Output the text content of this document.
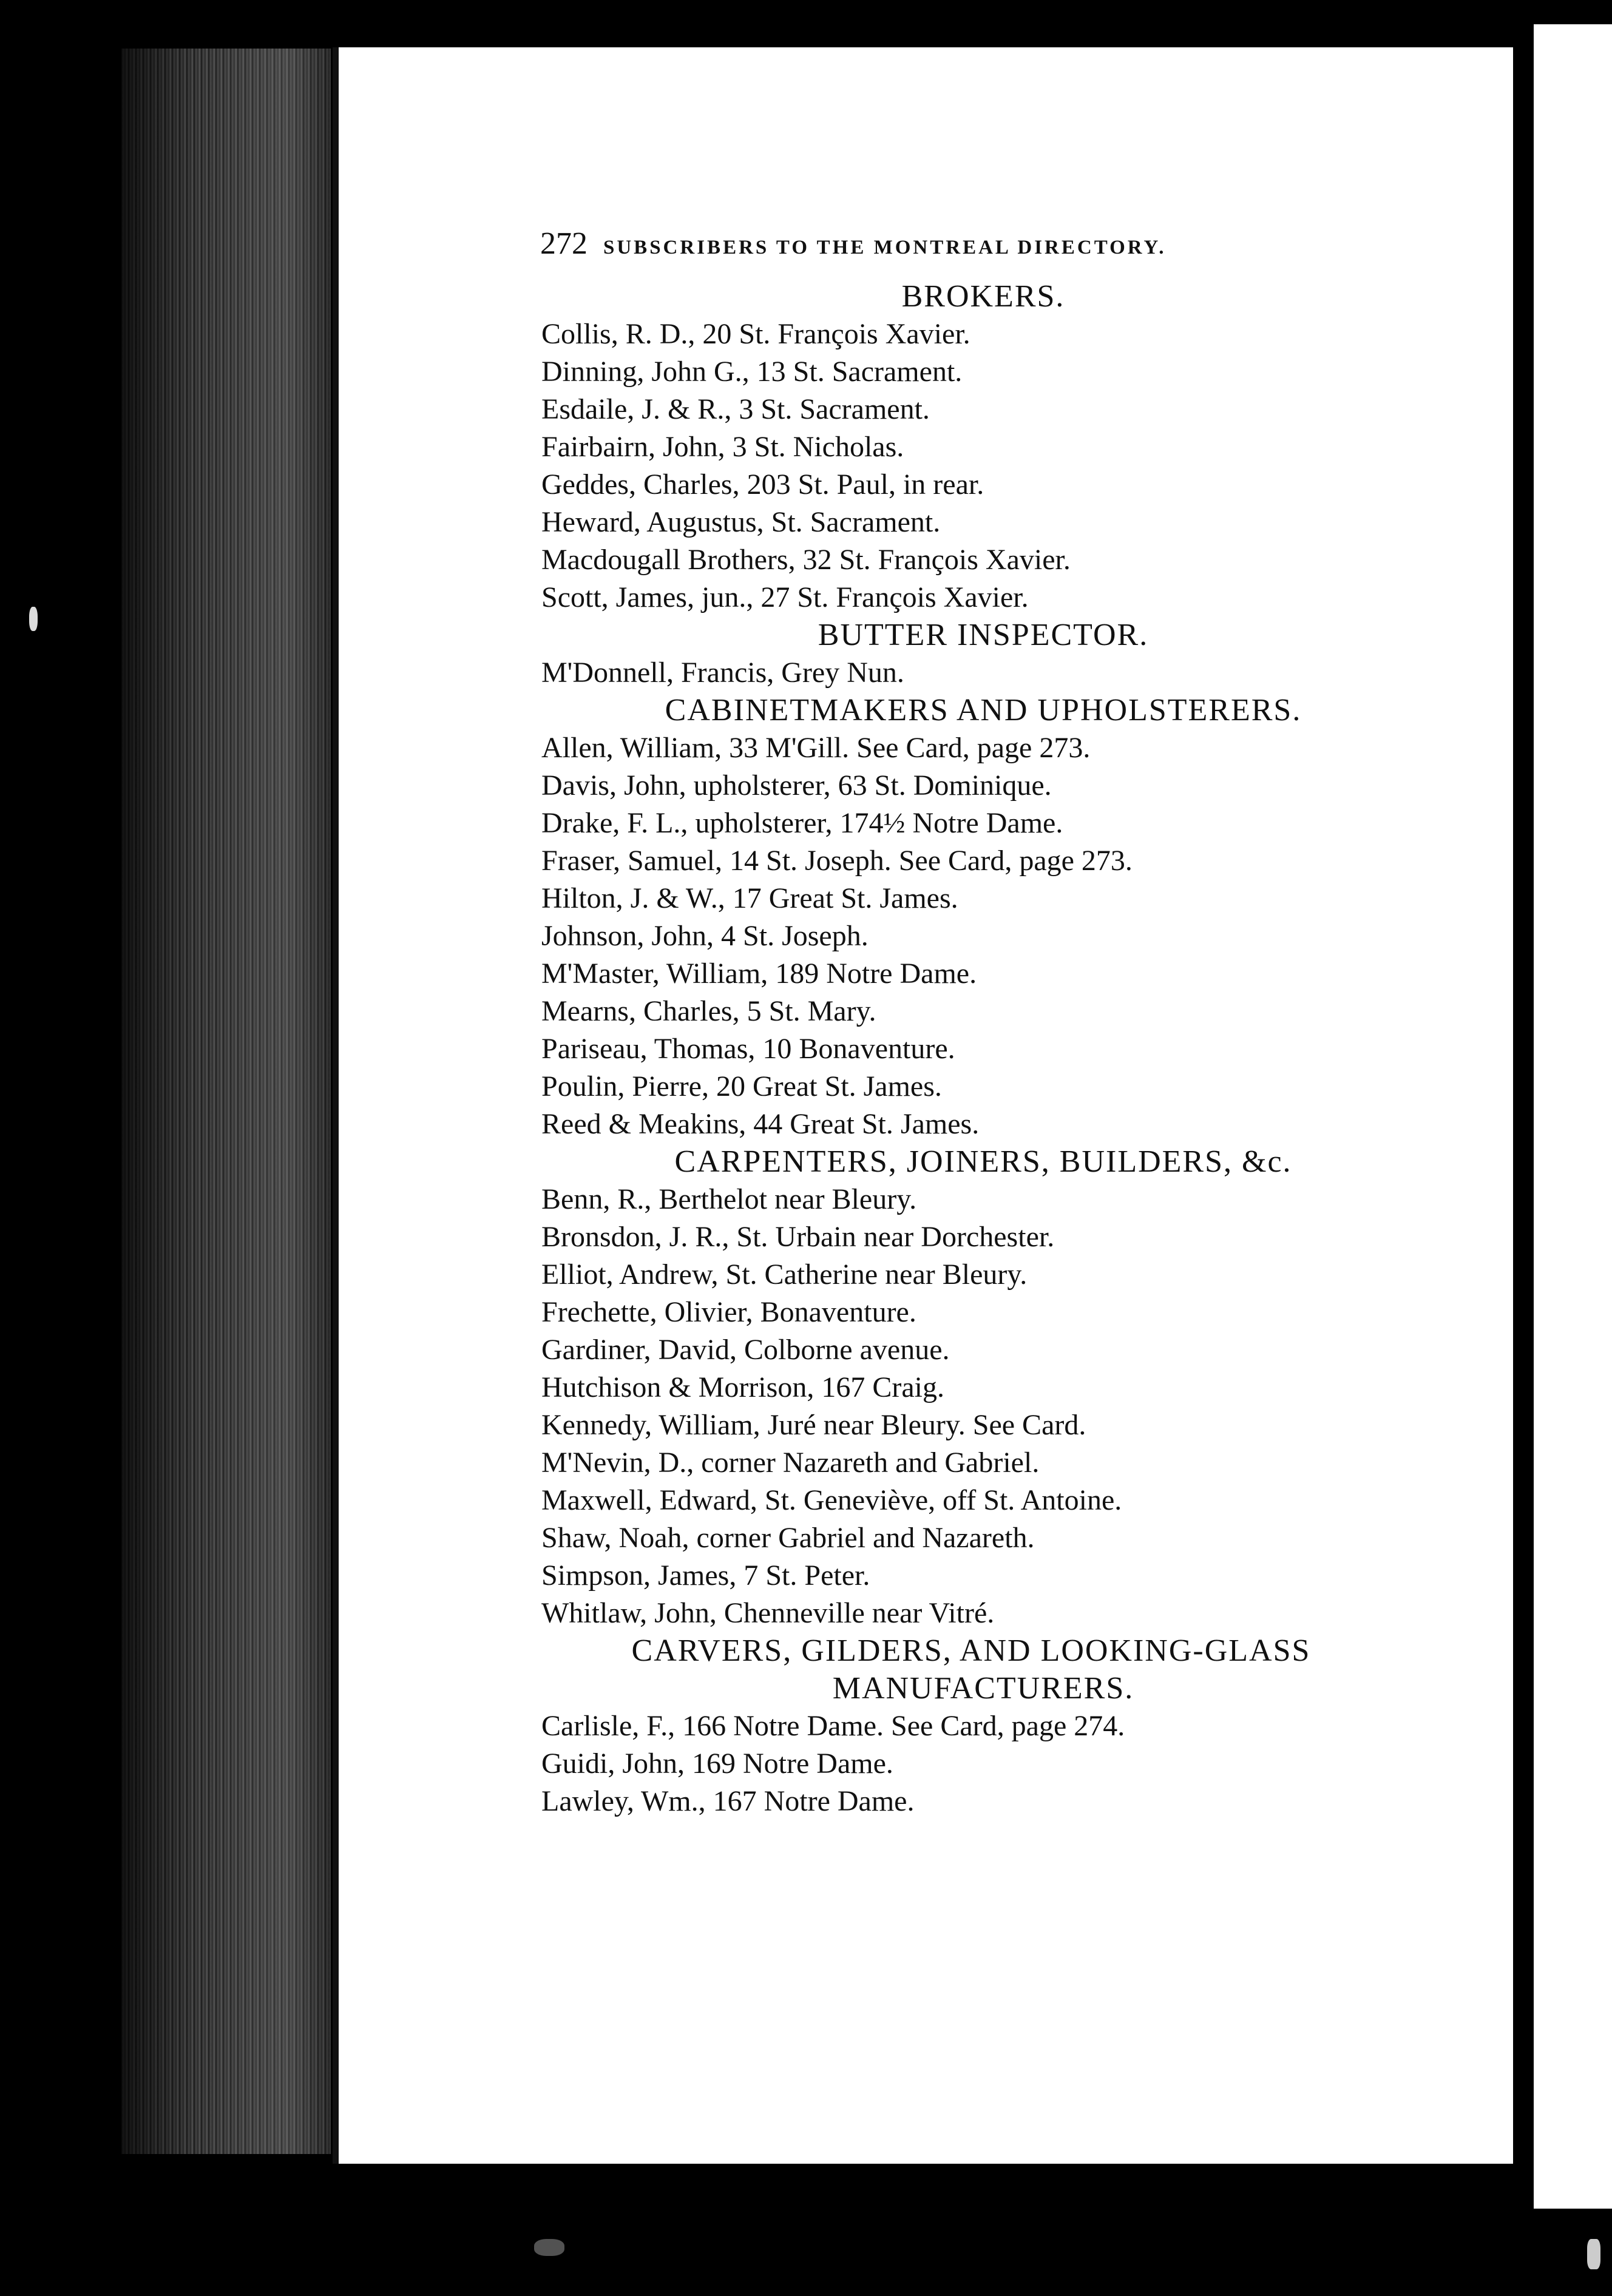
272 SUBSCRIBERS TO THE MONTREAL DIRECTORY.
BROKERS.
Collis, R. D., 20 St. François Xavier.
Dinning, John G., 13 St. Sacrament.
Esdaile, J. & R., 3 St. Sacrament.
Fairbairn, John, 3 St. Nicholas.
Geddes, Charles, 203 St. Paul, in rear.
Heward, Augustus, St. Sacrament.
Macdougall Brothers, 32 St. François Xavier.
Scott, James, jun., 27 St. François Xavier.
BUTTER INSPECTOR.
M'Donnell, Francis, Grey Nun.
CABINETMAKERS AND UPHOLSTERERS.
Allen, William, 33 M'Gill. See Card, page 273.
Davis, John, upholsterer, 63 St. Dominique.
Drake, F. L., upholsterer, 174½ Notre Dame.
Fraser, Samuel, 14 St. Joseph. See Card, page 273.
Hilton, J. & W., 17 Great St. James.
Johnson, John, 4 St. Joseph.
M'Master, William, 189 Notre Dame.
Mearns, Charles, 5 St. Mary.
Pariseau, Thomas, 10 Bonaventure.
Poulin, Pierre, 20 Great St. James.
Reed & Meakins, 44 Great St. James.
CARPENTERS, JOINERS, BUILDERS, &c.
Benn, R., Berthelot near Bleury.
Bronsdon, J. R., St. Urbain near Dorchester.
Elliot, Andrew, St. Catherine near Bleury.
Frechette, Olivier, Bonaventure.
Gardiner, David, Colborne avenue.
Hutchison & Morrison, 167 Craig.
Kennedy, William, Juré near Bleury. See Card.
M'Nevin, D., corner Nazareth and Gabriel.
Maxwell, Edward, St. Geneviève, off St. Antoine.
Shaw, Noah, corner Gabriel and Nazareth.
Simpson, James, 7 St. Peter.
Whitlaw, John, Chenneville near Vitré.
CARVERS, GILDERS, AND LOOKING-GLASS
MANUFACTURERS.
Carlisle, F., 166 Notre Dame. See Card, page 274.
Guidi, John, 169 Notre Dame.
Lawley, Wm., 167 Notre Dame.
